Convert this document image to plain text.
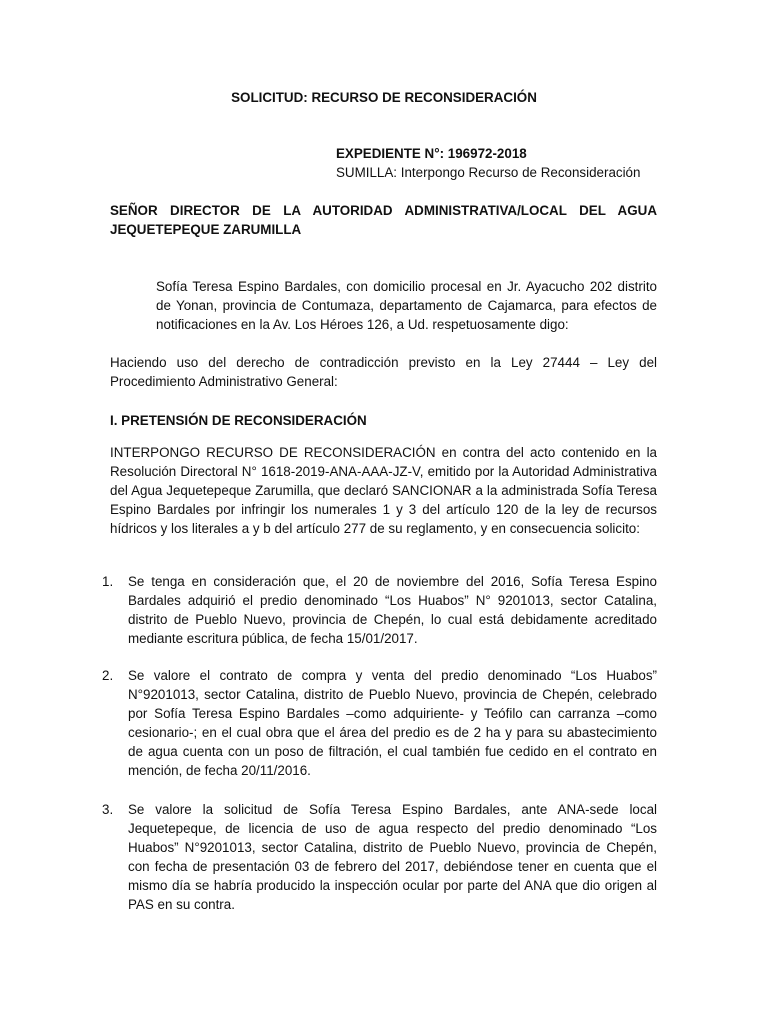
SOLICITUD: RECURSO DE RECONSIDERACIÓN
EXPEDIENTE N°: 196972-2018
SUMILLA: Interpongo Recurso de Reconsideración
SEÑOR DIRECTOR DE LA AUTORIDAD ADMINISTRATIVA/LOCAL DEL AGUA JEQUETEPEQUE ZARUMILLA
Sofía Teresa Espino Bardales, con domicilio procesal en Jr. Ayacucho 202 distrito de Yonan, provincia de Contumaza, departamento de Cajamarca, para efectos de notificaciones en la Av. Los Héroes 126, a Ud. respetuosamente digo:
Haciendo uso del derecho de contradicción previsto en la Ley 27444 – Ley del Procedimiento Administrativo General:
I. PRETENSIÓN DE RECONSIDERACIÓN
INTERPONGO RECURSO DE RECONSIDERACIÓN en contra del acto contenido en la Resolución Directoral N° 1618-2019-ANA-AAA-JZ-V, emitido por la Autoridad Administrativa del Agua Jequetepeque Zarumilla, que declaró SANCIONAR a la administrada Sofía Teresa Espino Bardales por infringir los numerales 1 y 3 del artículo 120 de la ley de recursos hídricos y los literales a y b del artículo 277 de su reglamento, y en consecuencia solicito:
1. Se tenga en consideración que, el 20 de noviembre del 2016, Sofía Teresa Espino Bardales adquirió el predio denominado “Los Huabos” N° 9201013, sector Catalina, distrito de Pueblo Nuevo, provincia de Chepén, lo cual está debidamente acreditado mediante escritura pública, de fecha 15/01/2017.
2. Se valore el contrato de compra y venta del predio denominado “Los Huabos” N°9201013, sector Catalina, distrito de Pueblo Nuevo, provincia de Chepén, celebrado por Sofía Teresa Espino Bardales –como adquiriente- y Teófilo can carranza –como cesionario-; en el cual obra que el área del predio es de 2 ha y para su abastecimiento de agua cuenta con un poso de filtración, el cual también fue cedido en el contrato en mención, de fecha 20/11/2016.
3. Se valore la solicitud de Sofía Teresa Espino Bardales, ante ANA-sede local Jequetepeque, de licencia de uso de agua respecto del predio denominado “Los Huabos” N°9201013, sector Catalina, distrito de Pueblo Nuevo, provincia de Chepén, con fecha de presentación 03 de febrero del 2017, debiéndose tener en cuenta que el mismo día se habría producido la inspección ocular por parte del ANA que dio origen al PAS en su contra.
